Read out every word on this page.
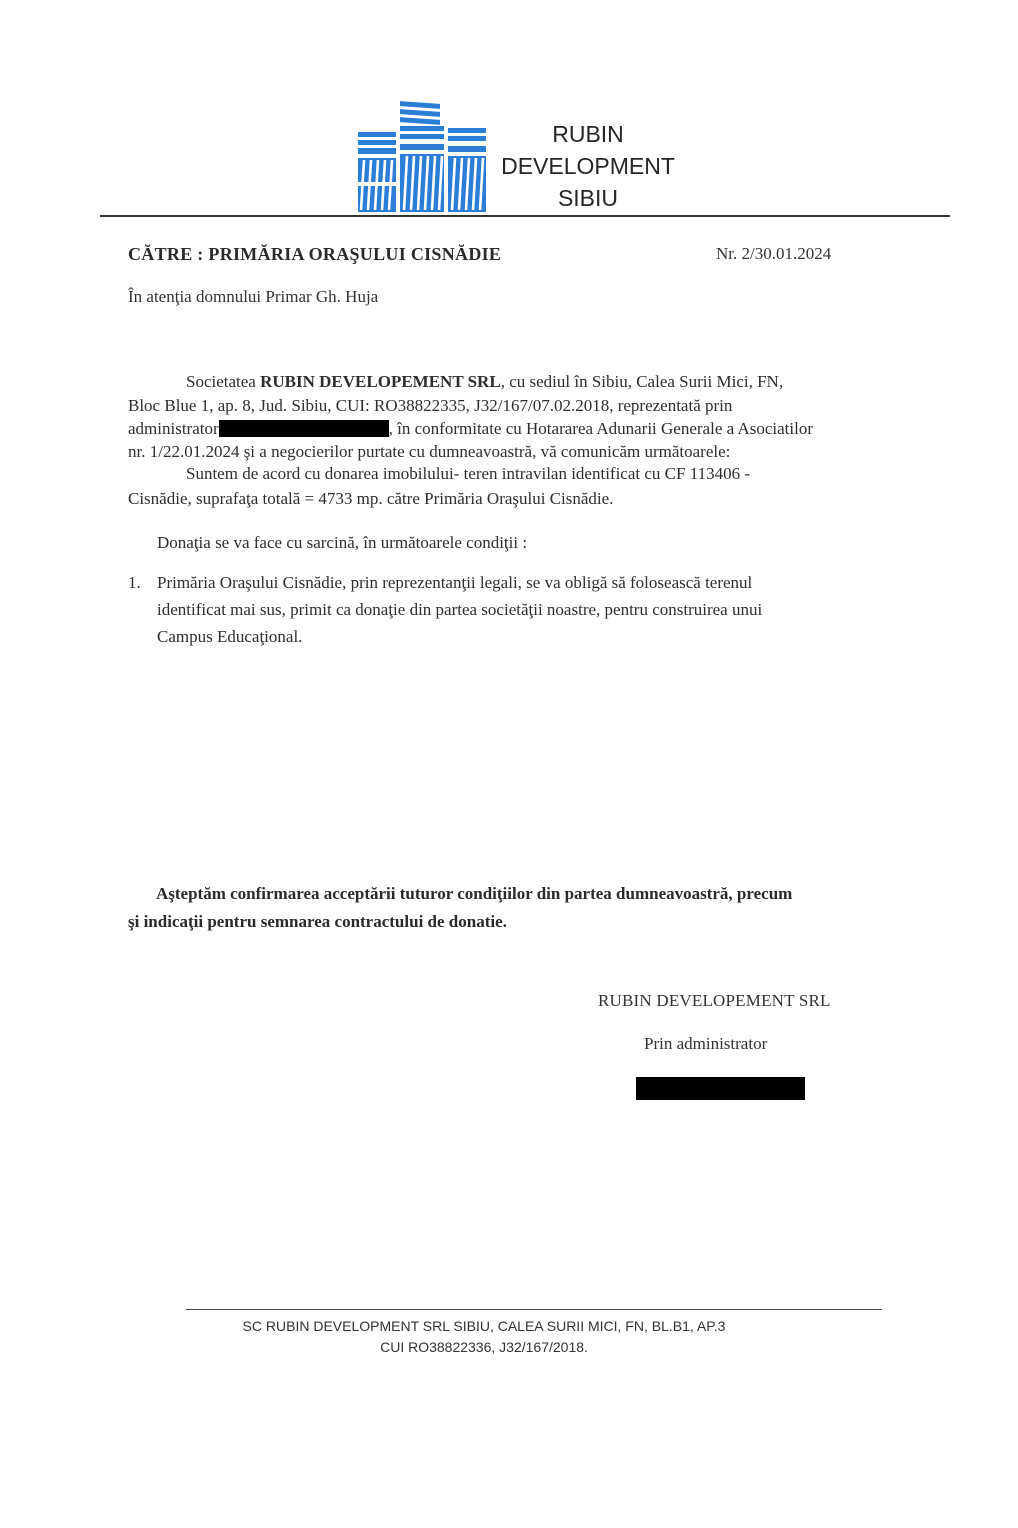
RUBIN
DEVELOPMENT
SIBIU
CĂTRE : PRIMĂRIA ORAŞULUI CISNĂDIE	Nr. 2/30.01.2024
În atenţia domnului Primar Gh. Huja
Societatea RUBIN DEVELOPEMENT SRL, cu sediul în Sibiu, Calea Surii Mici, FN,
Bloc Blue 1, ap. 8, Jud. Sibiu, CUI: RO38822335, J32/167/07.02.2018, reprezentată prin
administrator	, în conformitate cu Hotararea Adunarii Generale a Asociatilor
nr. 1/22.01.2024 şi a negocierilor purtate cu dumneavoastră, vă comunicăm următoarele:
Suntem de acord cu donarea imobilului- teren intravilan identificat cu CF 113406 -
Cisnădie, suprafaţa totală = 4733 mp. către Primăria Oraşului Cisnădie.
Donaţia se va face cu sarcină, în următoarele condiţii :
1. Primăria Oraşului Cisnădie, prin reprezentanţii legali, se va obligă să folosească terenul
identificat mai sus, primit ca donaţie din partea societăţii noastre, pentru construirea unui
Campus Educaţional.
Aşteptăm confirmarea acceptării tuturor condiţiilor din partea dumneavoastră, precum
şi indicaţii pentru semnarea contractului de donatie.
RUBIN DEVELOPEMENT SRL
Prin administrator
SC RUBIN DEVELOPMENT SRL SIBIU, CALEA SURII MICI, FN, BL.B1, AP.3
CUI RO38822336, J32/167/2018.
